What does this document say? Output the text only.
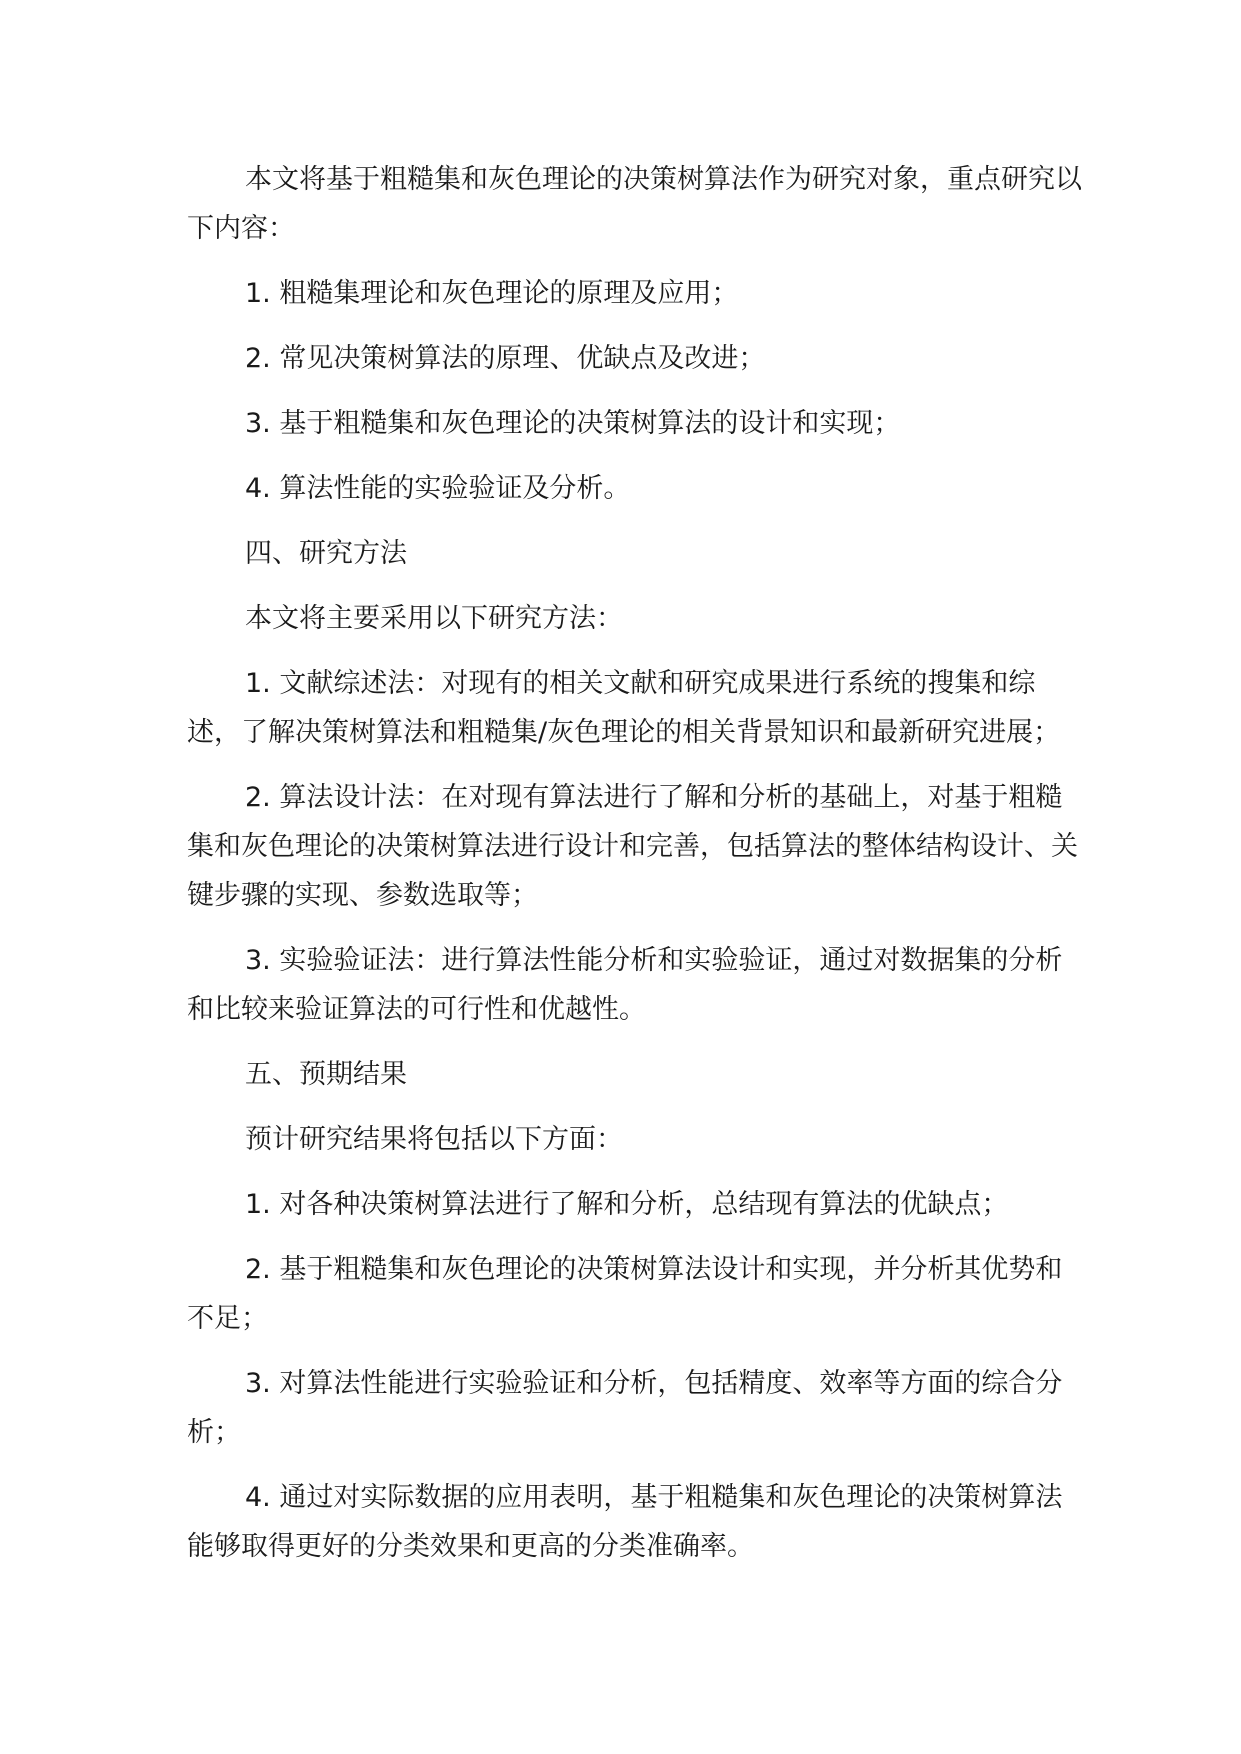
本文将基于粗糙集和灰色理论的决策树算法作为研究对象，重点研究以下内容：

1. 粗糙集理论和灰色理论的原理及应用；

2. 常见决策树算法的原理、优缺点及改进；

3. 基于粗糙集和灰色理论的决策树算法的设计和实现；

4. 算法性能的实验验证及分析。

四、研究方法

本文将主要采用以下研究方法：

1. 文献综述法：对现有的相关文献和研究成果进行系统的搜集和综述，了解决策树算法和粗糙集/灰色理论的相关背景知识和最新研究进展；

2. 算法设计法：在对现有算法进行了解和分析的基础上，对基于粗糙集和灰色理论的决策树算法进行设计和完善，包括算法的整体结构设计、关键步骤的实现、参数选取等；

3. 实验验证法：进行算法性能分析和实验验证，通过对数据集的分析和比较来验证算法的可行性和优越性。

五、预期结果

预计研究结果将包括以下方面：

1. 对各种决策树算法进行了解和分析，总结现有算法的优缺点；

2. 基于粗糙集和灰色理论的决策树算法设计和实现，并分析其优势和不足；

3. 对算法性能进行实验验证和分析，包括精度、效率等方面的综合分析；

4. 通过对实际数据的应用表明，基于粗糙集和灰色理论的决策树算法能够取得更好的分类效果和更高的分类准确率。
